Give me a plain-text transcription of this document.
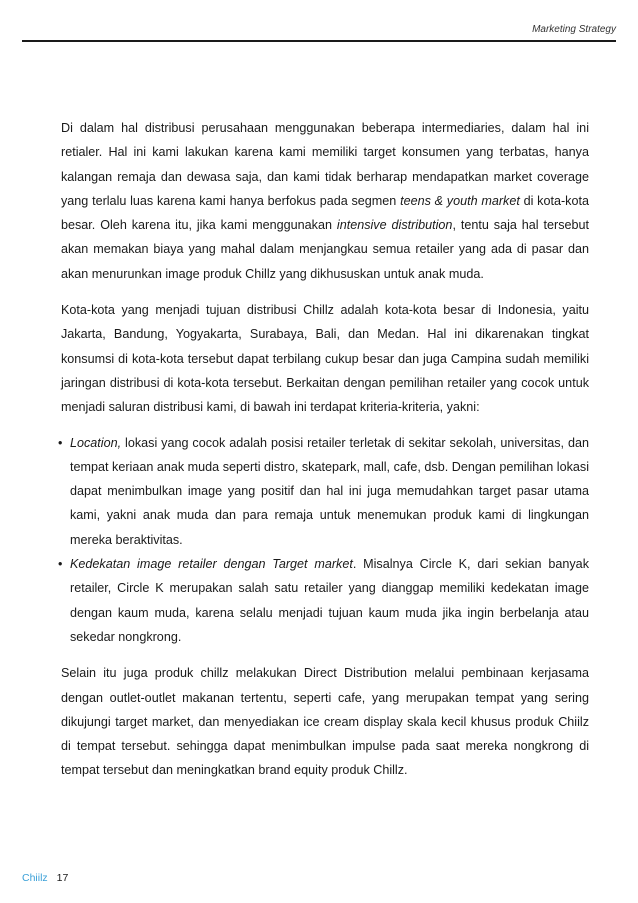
Marketing Strategy

Di dalam hal distribusi perusahaan menggunakan beberapa intermediaries, dalam hal ini retialer. Hal ini kami lakukan karena kami memiliki target konsumen yang terbatas, hanya kalangan remaja dan dewasa saja, dan kami tidak berharap mendapatkan market coverage yang terlalu luas karena kami hanya berfokus pada segmen teens & youth market di kota-kota besar. Oleh karena itu, jika kami menggunakan intensive distribution, tentu saja hal tersebut akan memakan biaya yang mahal dalam menjangkau semua retailer yang ada di pasar dan akan menurunkan image produk Chillz yang dikhususkan untuk anak muda.

Kota-kota yang menjadi tujuan distribusi Chillz adalah kota-kota besar di Indonesia, yaitu Jakarta, Bandung, Yogyakarta, Surabaya, Bali, dan Medan. Hal ini dikarenakan tingkat konsumsi di kota-kota tersebut dapat terbilang cukup besar dan juga Campina sudah memiliki jaringan distribusi di kota-kota tersebut. Berkaitan dengan pemilihan retailer yang cocok untuk menjadi saluran distribusi kami, di bawah ini terdapat kriteria-kriteria, yakni:

• Location, lokasi yang cocok adalah posisi retailer terletak di sekitar sekolah, universitas, dan tempat keriaan anak muda seperti distro, skatepark, mall, cafe, dsb. Dengan pemilihan lokasi dapat menimbulkan image yang positif dan hal ini juga memudahkan target pasar utama kami, yakni anak muda dan para remaja untuk menemukan produk kami di lingkungan mereka beraktivitas.
• Kedekatan image retailer dengan Target market. Misalnya Circle K, dari sekian banyak retailer, Circle K merupakan salah satu retailer yang dianggap memiliki kedekatan image dengan kaum muda, karena selalu menjadi tujuan kaum muda jika ingin berbelanja atau sekedar nongkrong.

Selain itu juga produk chillz melakukan Direct Distribution melalui pembinaan kerjasama dengan outlet-outlet makanan tertentu, seperti cafe, yang merupakan tempat yang sering dikujungi target market, dan menyediakan ice cream display skala kecil khusus produk Chiilz di tempat tersebut. sehingga dapat menimbulkan impulse pada saat mereka nongkrong di tempat tersebut dan meningkatkan brand equity produk Chillz.

Chiilz 17
